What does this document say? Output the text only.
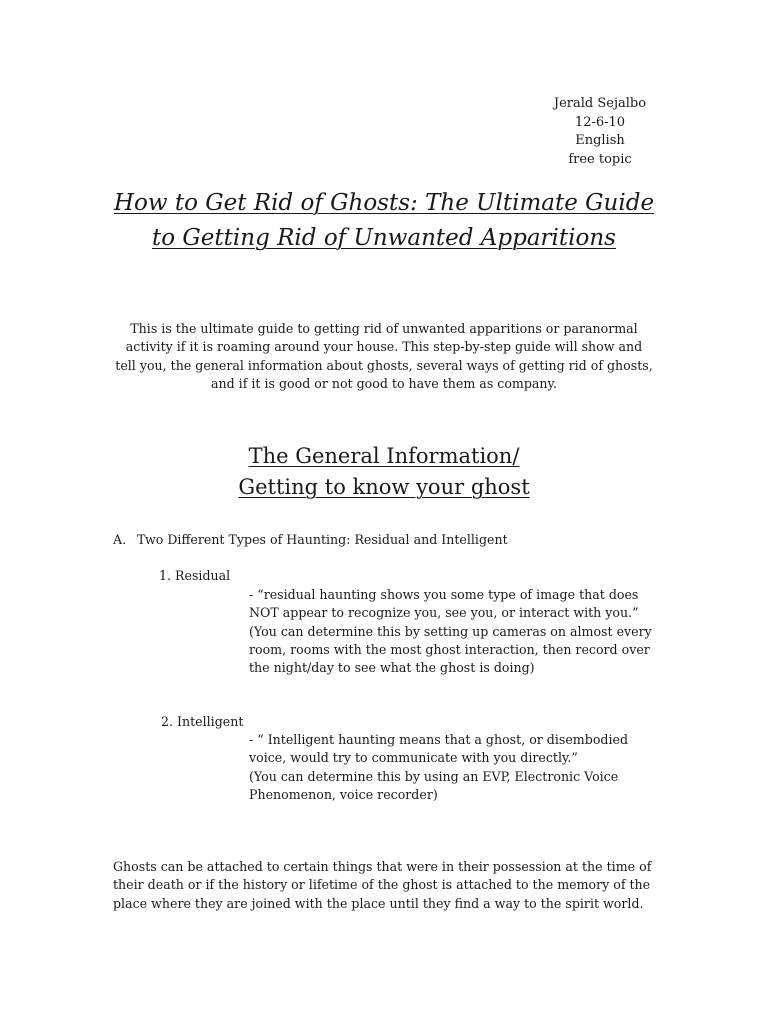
Jerald Sejalbo
12-6-10
English
free topic
How to Get Rid of Ghosts: The Ultimate Guide
to Getting Rid of Unwanted Apparitions

This is the ultimate guide to getting rid of unwanted apparitions or paranormal
activity if it is roaming around your house. This step-by-step guide will show and
tell you, the general information about ghosts, several ways of getting rid of ghosts,
and if it is good or not good to have them as company.

The General Information/
Getting to know your ghost
A. Two Different Types of Haunting: Residual and Intelligent
1. Residual
- “residual haunting shows you some type of image that does
NOT appear to recognize you, see you, or interact with you.”
(You can determine this by setting up cameras on almost every
room, rooms with the most ghost interaction, then record over
the night/day to see what the ghost is doing)
2. Intelligent
- “ Intelligent haunting means that a ghost, or disembodied
voice, would try to communicate with you directly.”
(You can determine this by using an EVP, Electronic Voice
Phenomenon, voice recorder)

Ghosts can be attached to certain things that were in their possession at the time of
their death or if the history or lifetime of the ghost is attached to the memory of the
place where they are joined with the place until they find a way to the spirit world.
